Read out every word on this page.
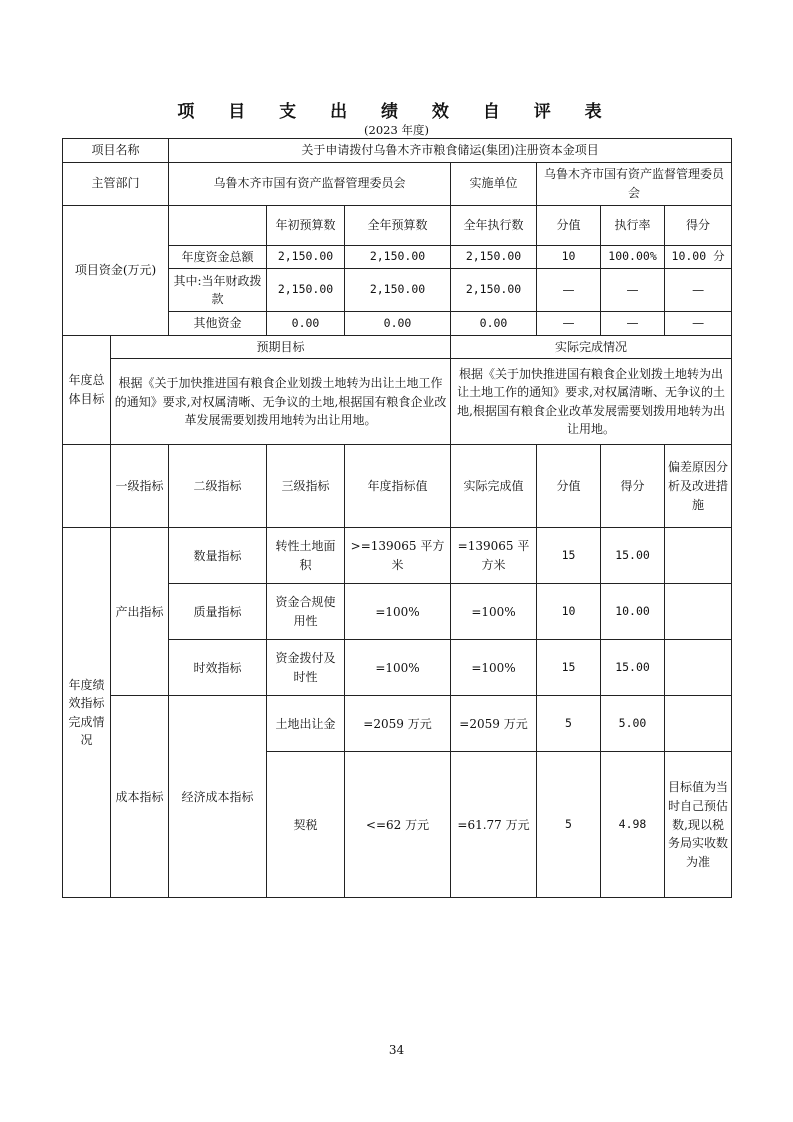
项 目 支 出 绩 效 自 评 表
(2023 年度)
项目名称		关于申请拨付乌鲁木齐市粮食储运(集团)注册资本金项目						
主管部门		乌鲁木齐市国有资产监督管理委员会			实施单位	乌鲁木齐市国有资产监督管理委员会		
项目资金(万元)			年初预算数	全年预算数	全年执行数	分值	执行率	得分
		年度资金总额	2,150.00	2,150.00	2,150.00	10	100.00%	10.00 分
		其中:当年财政拨款	2,150.00	2,150.00	2,150.00	—	—	—
		其他资金	0.00	0.00	0.00	—	—	—
年度总体目标	预期目标				实际完成情况			
	根据《关于加快推进国有粮食企业划拨土地转为出让土地工作的通知》要求,对权属清晰、无争议的土地,根据国有粮食企业改革发展需要划拨用地转为出让用地。				根据《关于加快推进国有粮食企业划拨土地转为出让土地工作的通知》要求,对权属清晰、无争议的土地,根据国有粮食企业改革发展需要划拨用地转为出让用地。			
	一级指标	二级指标	三级指标	年度指标值	实际完成值	分值	得分	偏差原因分析及改进措施
年度绩效指标完成情况	产出指标	数量指标	转性土地面积	>=139065 平方米	=139065 平方米	15	15.00	
		质量指标	资金合规使用性	=100%	=100%	10	10.00	
		时效指标	资金拨付及时性	=100%	=100%	15	15.00	
	成本指标	经济成本指标	土地出让金	=2059 万元	=2059 万元	5	5.00	
			契税	<=62 万元	=61.77 万元	5	4.98	目标值为当时自己预估数,现以税务局实收数为准
34
